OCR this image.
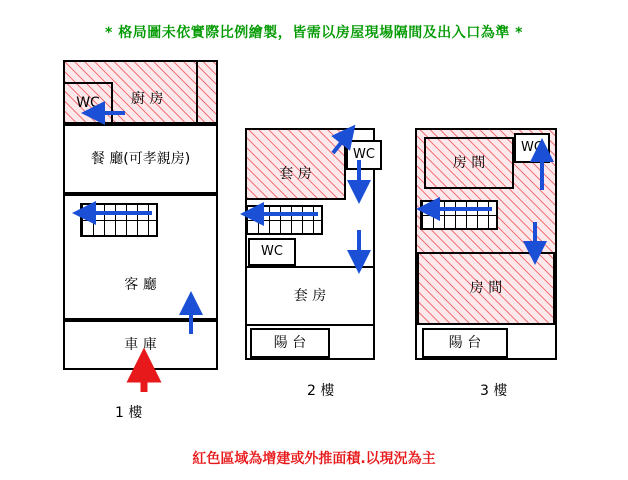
* 格局圖未依實際比例繪製，皆需以房屋現場隔間及出入口為準 *
WC 廚 房
餐 廳(可孝親房)
客 廳
車 庫
1 樓
套 房
WC
WC
套 房
陽 台
2 樓
房 間
WC
房 間
陽 台
3 樓
紅色區域為增建或外推面積.以現況為主
